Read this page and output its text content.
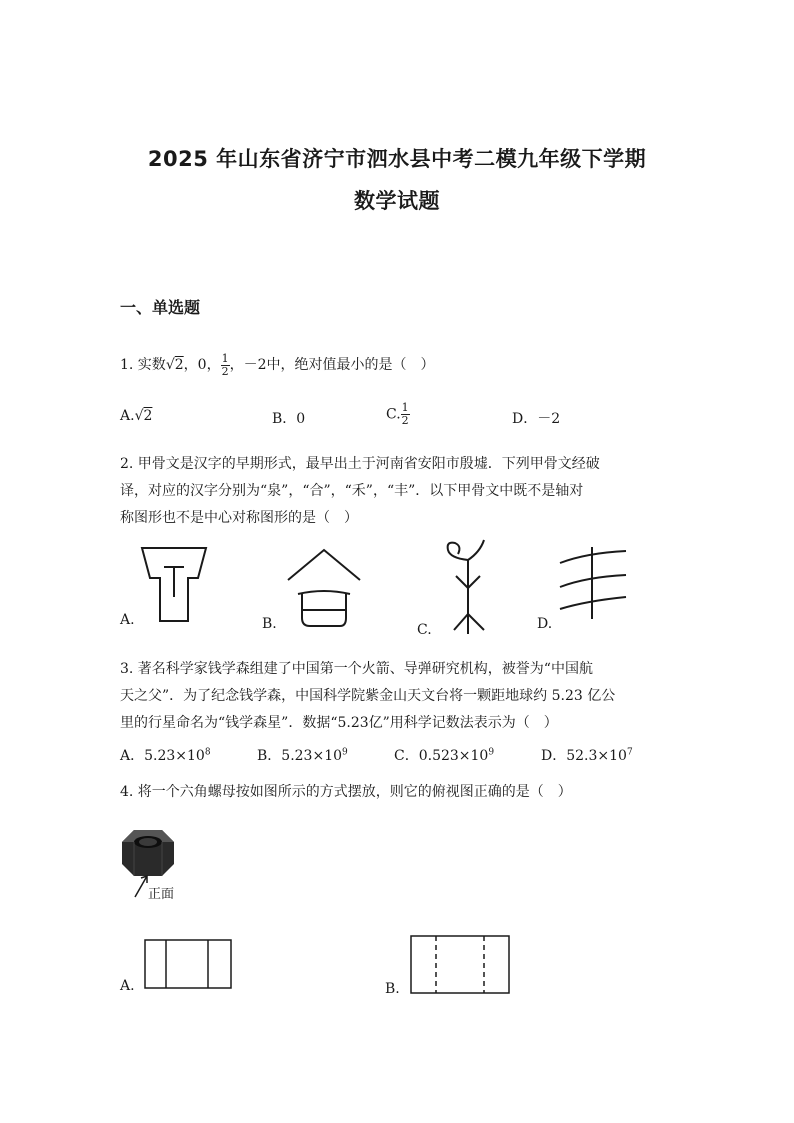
2025 年山东省济宁市泗水县中考二模九年级下学期
数学试题
一、单选题
1. 实数√2，0， $\frac{1}{2}$ ，－2中，绝对值最小的是（　）
A.√2	B．0	C. $\frac{1}{2}$	D．－2
2. 甲骨文是汉字的早期形式，最早出土于河南省安阳市殷墟．下列甲骨文经破
译，对应的汉字分别为“泉”，“合”，“禾”，“丰”．以下甲骨文中既不是轴对
称图形也不是中心对称图形的是（　）
A.	B.	C.	D.
3. 著名科学家钱学森组建了中国第一个火箭、导弹研究机构，被誉为“中国航
天之父”．为了纪念钱学森，中国科学院紫金山天文台将一颗距地球约 5.23 亿公
里的行星命名为“钱学森星”．数据“5.23亿”用科学记数法表示为（　）
A．$5.23\times 10^8$	B．$5.23\times 10^9$	C．$0.523\times 10^9$	D．$52.3\times 10^7$
4. 将一个六角螺母按如图所示的方式摆放，则它的俯视图正确的是（　）
正面
A.	B.
